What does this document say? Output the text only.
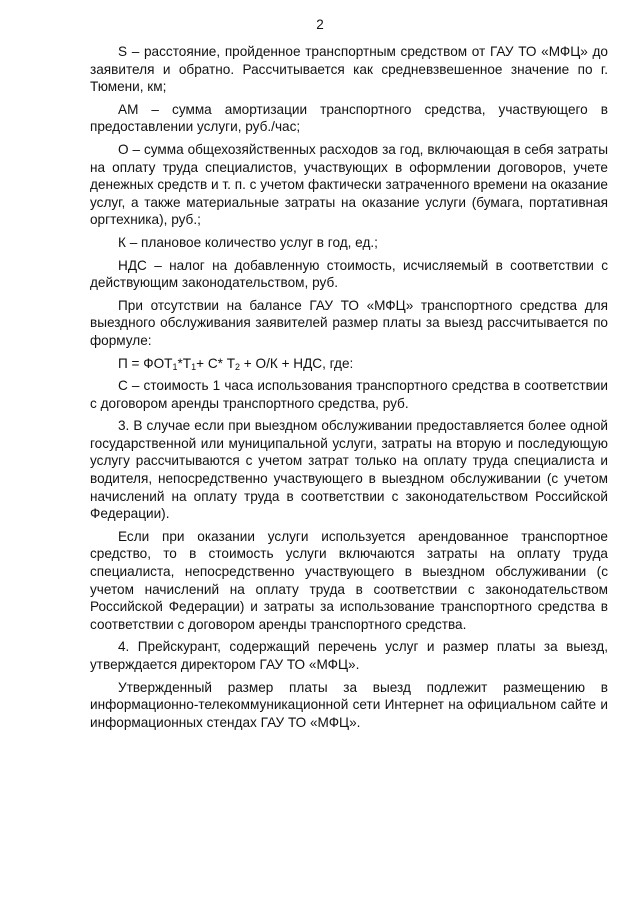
2

S – расстояние, пройденное транспортным средством от ГАУ ТО «МФЦ» до заявителя и обратно. Рассчитывается как средневзвешенное значение по г. Тюмени, км;

АМ – сумма амортизации транспортного средства, участвующего в предоставлении услуги, руб./час;

О – сумма общехозяйственных расходов за год, включающая в себя затраты на оплату труда специалистов, участвующих в оформлении договоров, учете денежных средств и т. п. с учетом фактически затраченного времени на оказание услуг, а также материальные затраты на оказание услуги (бумага, портативная оргтехника), руб.;

К – плановое количество услуг в год, ед.;

НДС – налог на добавленную стоимость, исчисляемый в соответствии с действующим законодательством, руб.

При отсутствии на балансе ГАУ ТО «МФЦ» транспортного средства для выездного обслуживания заявителей размер платы за выезд рассчитывается по формуле:

$П = ФОТ_1*Т_1+ С*$ $Т_2 + О/К$ + НДС, где:

С – стоимость 1 часа использования транспортного средства в соответствии с договором аренды транспортного средства, руб.

3. В случае если при выездном обслуживании предоставляется более одной государственной или муниципальной услуги, затраты на вторую и последующую услугу рассчитываются с учетом затрат только на оплату труда специалиста и водителя, непосредственно участвующего в выездном обслуживании (с учетом начислений на оплату труда в соответствии с законодательством Российской Федерации).

Если при оказании услуги используется арендованное транспортное средство, то в стоимость услуги включаются затраты на оплату труда специалиста, непосредственно участвующего в выездном обслуживании (с учетом начислений на оплату труда в соответствии с законодательством Российской Федерации) и затраты за использование транспортного средства в соответствии с договором аренды транспортного средства.

4. Прейскурант, содержащий перечень услуг и размер платы за выезд, утверждается директором ГАУ ТО «МФЦ».

Утвержденный размер платы за выезд подлежит размещению в информационно-телекоммуникационной сети Интернет на официальном сайте и информационных стендах ГАУ ТО «МФЦ».
